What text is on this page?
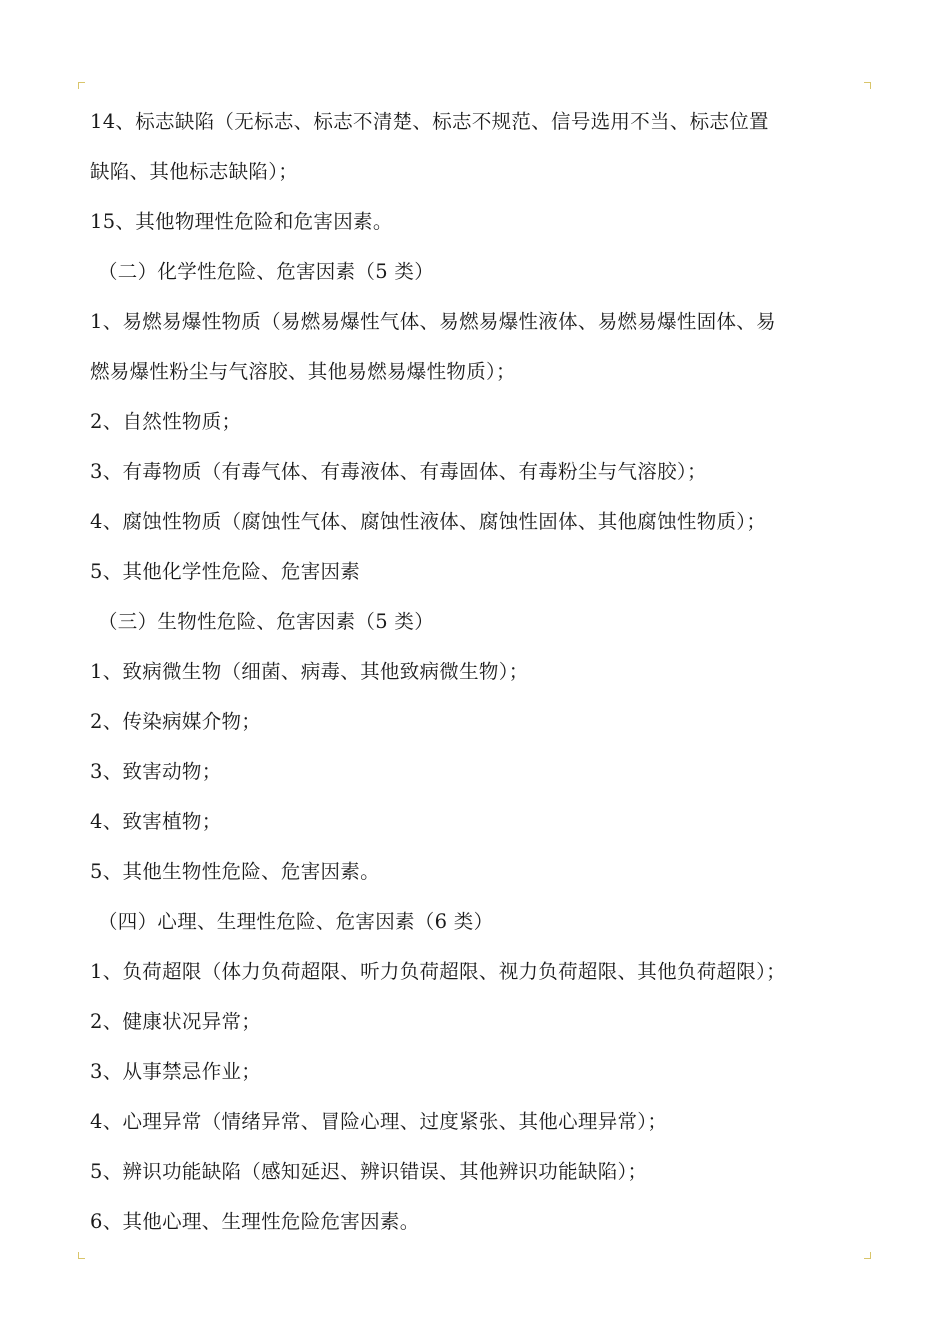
14、标志缺陷（无标志、标志不清楚、标志不规范、信号选用不当、标志位置
缺陷、其他标志缺陷）；
15、其他物理性危险和危害因素。
（二）化学性危险、危害因素（5 类）
1、易燃易爆性物质（易燃易爆性气体、易燃易爆性液体、易燃易爆性固体、易
燃易爆性粉尘与气溶胶、其他易燃易爆性物质）；
2、自然性物质；
3、有毒物质（有毒气体、有毒液体、有毒固体、有毒粉尘与气溶胶）；
4、腐蚀性物质（腐蚀性气体、腐蚀性液体、腐蚀性固体、其他腐蚀性物质）；
5、其他化学性危险、危害因素
（三）生物性危险、危害因素（5 类）
1、致病微生物（细菌、病毒、其他致病微生物）；
2、传染病媒介物；
3、致害动物；
4、致害植物；
5、其他生物性危险、危害因素。
（四）心理、生理性危险、危害因素（6 类）
1、负荷超限（体力负荷超限、听力负荷超限、视力负荷超限、其他负荷超限）；
2、健康状况异常；
3、从事禁忌作业；
4、心理异常（情绪异常、冒险心理、过度紧张、其他心理异常）；
5、辨识功能缺陷（感知延迟、辨识错误、其他辨识功能缺陷）；
6、其他心理、生理性危险危害因素。
